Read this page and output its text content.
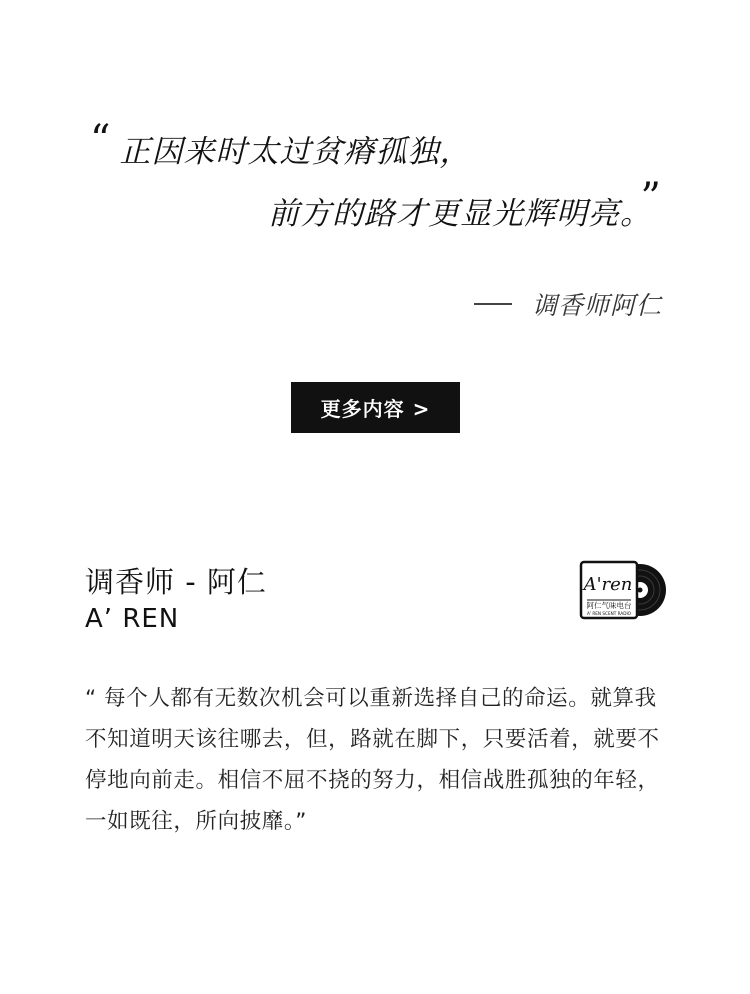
“ 正因来时太过贫瘠孤独，
前方的路才更显光辉明亮。 ”
调香师阿仁
更多内容 >
调香师 - 阿仁
A’ REN
A'ren
阿仁气味电台
A' REN SCENT RADIO
“ 每个人都有无数次机会可以重新选择自己的命运。就算我不知道明天该往哪去，但，路就在脚下，只要活着，就要不停地向前走。相信不屈不挠的努力，相信战胜孤独的年轻，一如既往，所向披靡。”
